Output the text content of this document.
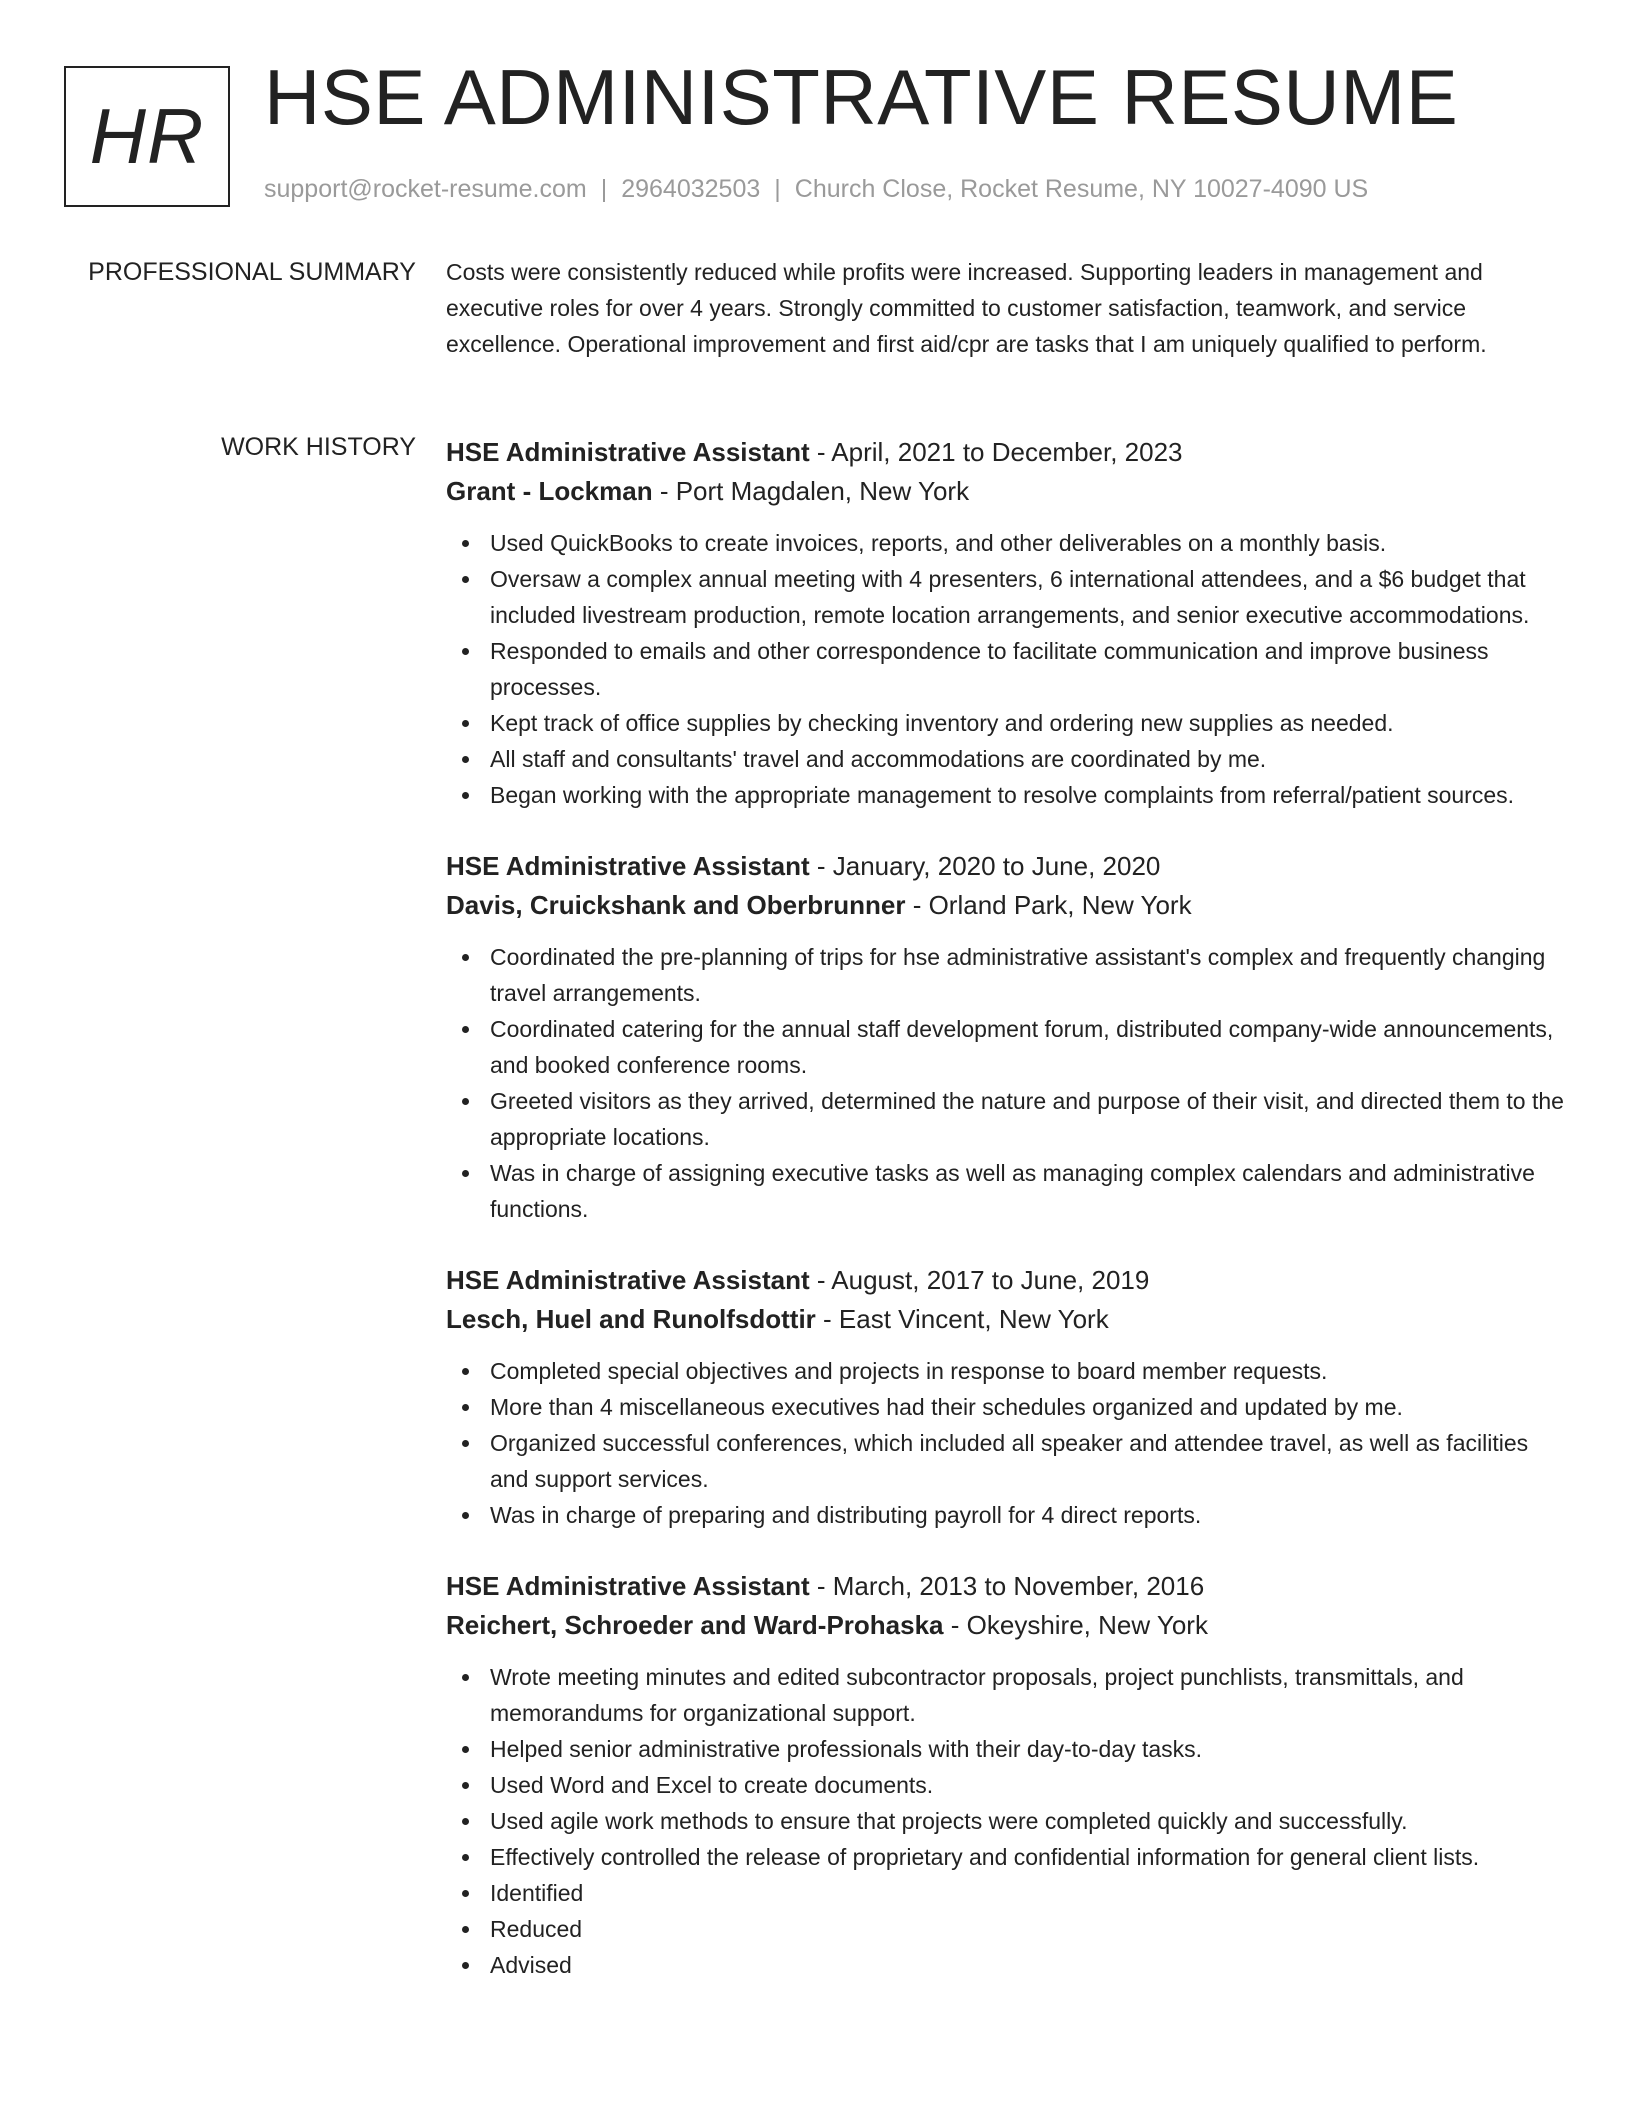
HR HSE ADMINISTRATIVE RESUME
support@rocket-resume.com | 2964032503 | Church Close, Rocket Resume, NY 10027-4090 US
PROFESSIONAL SUMMARY Costs were consistently reduced while profits were increased. Supporting leaders in management and executive roles for over 4 years. Strongly committed to customer satisfaction, teamwork, and service excellence. Operational improvement and first aid/cpr are tasks that I am uniquely qualified to perform.

WORK HISTORY HSE Administrative Assistant - April, 2021 to December, 2023

Grant - Lockman - Port Magdalen, New York

Used QuickBooks to create invoices, reports, and other deliverables on a monthly basis.
Oversaw a complex annual meeting with 4 presenters, 6 international attendees, and a $6 budget that included livestream production, remote location arrangements, and senior executive accommodations.
Responded to emails and other correspondence to facilitate communication and improve business processes.
Kept track of office supplies by checking inventory and ordering new supplies as needed.
All staff and consultants' travel and accommodations are coordinated by me.
Began working with the appropriate management to resolve complaints from referral/patient sources.

HSE Administrative Assistant - January, 2020 to June, 2020

Davis, Cruickshank and Oberbrunner - Orland Park, New York

Coordinated the pre-planning of trips for hse administrative assistant's complex and frequently changing travel arrangements.
Coordinated catering for the annual staff development forum, distributed company-wide announcements, and booked conference rooms.
Greeted visitors as they arrived, determined the nature and purpose of their visit, and directed them to the appropriate locations.
Was in charge of assigning executive tasks as well as managing complex calendars and administrative functions.

HSE Administrative Assistant - August, 2017 to June, 2019

Lesch, Huel and Runolfsdottir - East Vincent, New York

Completed special objectives and projects in response to board member requests.
More than 4 miscellaneous executives had their schedules organized and updated by me.
Organized successful conferences, which included all speaker and attendee travel, as well as facilities and support services.
Was in charge of preparing and distributing payroll for 4 direct reports.

HSE Administrative Assistant - March, 2013 to November, 2016

Reichert, Schroeder and Ward-Prohaska - Okeyshire, New York

Wrote meeting minutes and edited subcontractor proposals, project punchlists, transmittals, and memorandums for organizational support.
Helped senior administrative professionals with their day-to-day tasks.
Used Word and Excel to create documents.
Used agile work methods to ensure that projects were completed quickly and successfully.
Effectively controlled the release of proprietary and confidential information for general client lists.
Identified
Reduced
Advised
